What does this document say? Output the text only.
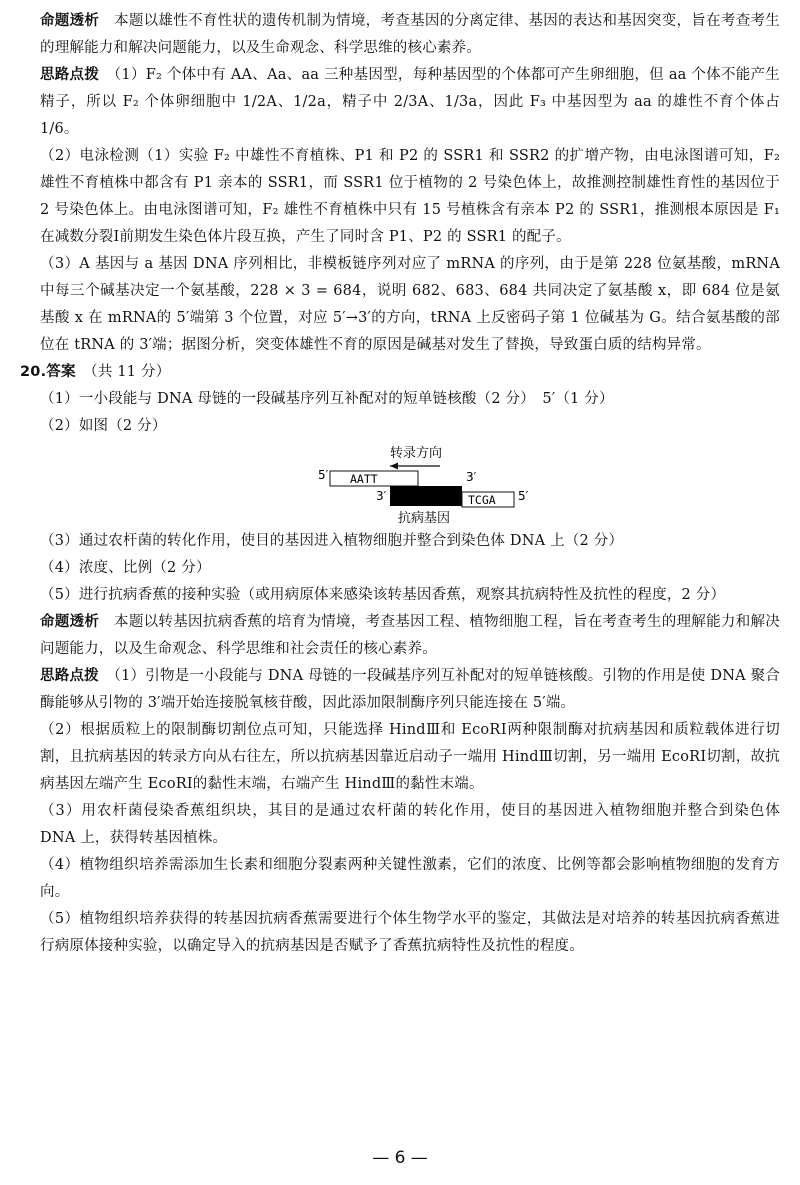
命题透析　 本题以雄性不育性状的遗传机制为情境，考查基因的分离定律、基因的表达和基因突变，旨在考查考生的理解能力和解决问题能力，以及生命观念、科学思维的核心素养。

思路点拨　 （1）F₂ 个体中有 AA、Aa、aa 三种基因型，每种基因型的个体都可产生卵细胞，但 aa 个体不能产生精子，所以 F₂ 个体卵细胞中 1/2A、1/2a，精子中 2/3A、1/3a，因此 F₃ 中基因型为 aa 的雄性不育个体占 1/6。

（2）电泳检测（1）实验 F₂ 中雄性不育植株、P1 和 P2 的 SSR1 和 SSR2 的扩增产物，由电泳图谱可知，F₂ 雄性不育植株中都含有 P1 亲本的 SSR1，而 SSR1 位于植物的 2 号染色体上，故推测控制雄性育性的基因位于 2 号染色体上。由电泳图谱可知，F₂ 雄性不育植株中只有 15 号植株含有亲本 P2 的 SSR1，推测根本原因是 F₁ 在减数分裂Ⅰ前期发生染色体片段互换，产生了同时含 P1、P2 的 SSR1 的配子。

（3）A 基因与 a 基因 DNA 序列相比，非模板链序列对应了 mRNA 的序列，由于是第 228 位氨基酸，mRNA 中每三个碱基决定一个氨基酸，228 × 3 = 684，说明 682、683、684 共同决定了氨基酸 x，即 684 位是氨基酸 x 在 mRNA的 5′端第 3 个位置，对应 5′→3′的方向，tRNA 上反密码子第 1 位碱基为 G。结合氨基酸的部位在 tRNA 的 3′端；据图分析，突变体雄性不育的原因是碱基对发生了替换，导致蛋白质的结构异常。

20.答案　 （共 11 分）

（1）一小段能与 DNA 母链的一段碱基序列互补配对的短单链核酸（2 分）　5′（1 分）

（2）如图（2 分）

转录方向
5′ AATT	3′
3′	TCGA 5′
抗病基因

（3）通过农杆菌的转化作用，使目的基因进入植物细胞并整合到染色体 DNA 上（2 分）

（4）浓度、比例（2 分）

（5）进行抗病香蕉的接种实验（或用病原体来感染该转基因香蕉，观察其抗病特性及抗性的程度，2 分）

命题透析　 本题以转基因抗病香蕉的培育为情境，考查基因工程、植物细胞工程，旨在考查考生的理解能力和解决问题能力，以及生命观念、科学思维和社会责任的核心素养。

思路点拨　 （1）引物是一小段能与 DNA 母链的一段碱基序列互补配对的短单链核酸。引物的作用是使 DNA 聚合酶能够从引物的 3′端开始连接脱氧核苷酸，因此添加限制酶序列只能连接在 5′端。

（2）根据质粒上的限制酶切割位点可知，只能选择 HindⅢ和 EcoRⅠ两种限制酶对抗病基因和质粒载体进行切割，且抗病基因的转录方向从右往左，所以抗病基因靠近启动子一端用 HindⅢ切割，另一端用 EcoRⅠ切割，故抗病基因左端产生 EcoRⅠ的黏性末端，右端产生 HindⅢ的黏性末端。

（3）用农杆菌侵染香蕉组织块，其目的是通过农杆菌的转化作用，使目的基因进入植物细胞并整合到染色体 DNA 上，获得转基因植株。

（4）植物组织培养需添加生长素和细胞分裂素两种关键性激素，它们的浓度、比例等都会影响植物细胞的发育方向。

（5）植物组织培养获得的转基因抗病香蕉需要进行个体生物学水平的鉴定，其做法是对培养的转基因抗病香蕉进行病原体接种实验，以确定导入的抗病基因是否赋予了香蕉抗病特性及抗性的程度。

— 6 —
